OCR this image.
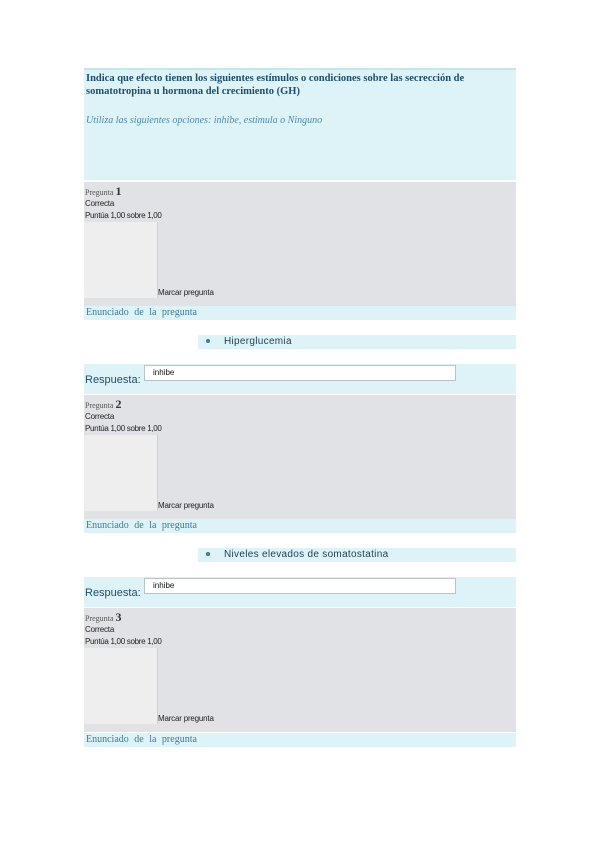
Indica que efecto tienen los siguientes estímulos o condiciones sobre las secrección de somatotropina u hormona del crecimiento (GH)
Utiliza las siguientes opciones: inhibe, estimula o Ninguno
Pregunta 1
Correcta
Puntúa 1,00 sobre 1,00
Marcar pregunta
Enunciado de la pregunta
Hiperglucemia
Respuesta:
inhibe
Pregunta 2
Correcta
Puntúa 1,00 sobre 1,00
Marcar pregunta
Enunciado de la pregunta
Niveles elevados de somatostatina
Respuesta:
inhibe
Pregunta 3
Correcta
Puntúa 1,00 sobre 1,00
Marcar pregunta
Enunciado de la pregunta
